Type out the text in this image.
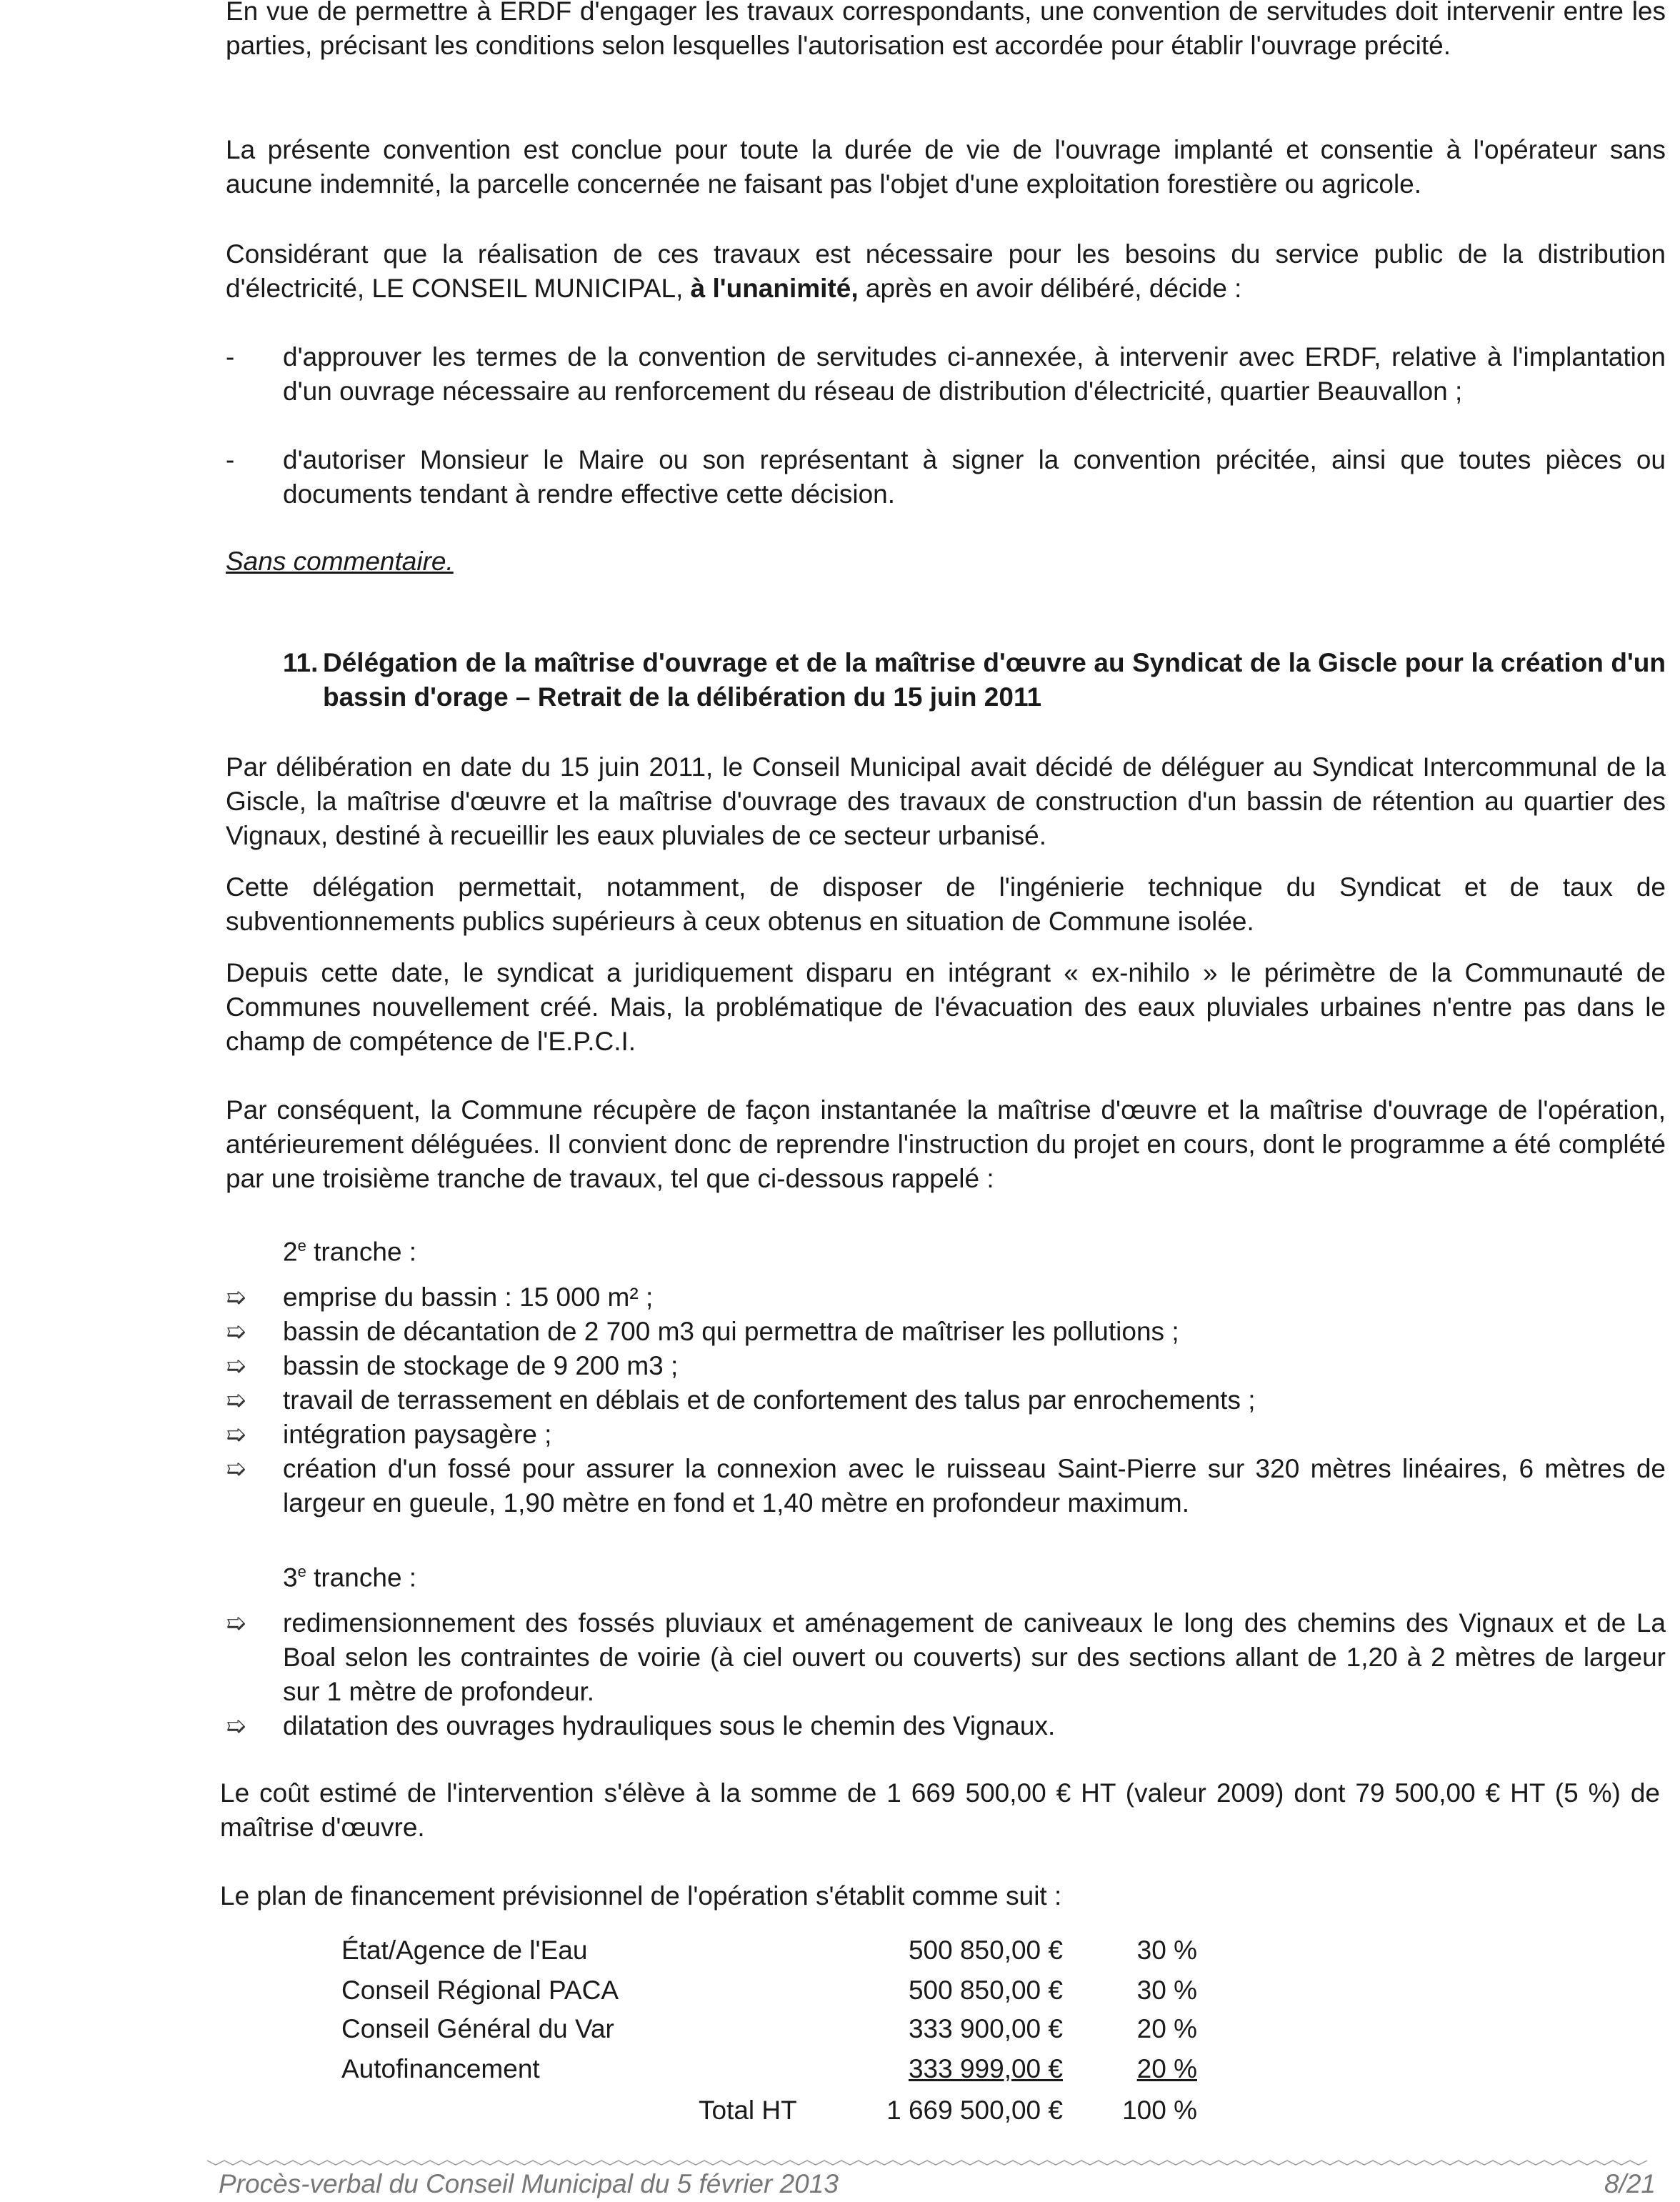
En vue de permettre à ERDF d'engager les travaux correspondants, une convention de servitudes doit intervenir entre les parties, précisant les conditions selon lesquelles l'autorisation est accordée pour établir l'ouvrage précité.

La présente convention est conclue pour toute la durée de vie de l'ouvrage implanté et consentie à l'opérateur sans aucune indemnité, la parcelle concernée ne faisant pas l'objet d'une exploitation forestière ou agricole.

Considérant que la réalisation de ces travaux est nécessaire pour les besoins du service public de la distribution d'électricité, LE CONSEIL MUNICIPAL, à l'unanimité, après en avoir délibéré, décide :

-	d'approuver les termes de la convention de servitudes ci-annexée, à intervenir avec ERDF, relative à l'implantation d'un ouvrage nécessaire au renforcement du réseau de distribution d'électricité, quartier Beauvallon ;
-	d'autoriser Monsieur le Maire ou son représentant à signer la convention précitée, ainsi que toutes pièces ou documents tendant à rendre effective cette décision.

Sans commentaire.

11. Délégation de la maîtrise d'ouvrage et de la maîtrise d'œuvre au Syndicat de la Giscle pour la création d'un bassin d'orage – Retrait de la délibération du 15 juin 2011

Par délibération en date du 15 juin 2011, le Conseil Municipal avait décidé de déléguer au Syndicat Intercommunal de la Giscle, la maîtrise d'œuvre et la maîtrise d'ouvrage des travaux de construction d'un bassin de rétention au quartier des Vignaux, destiné à recueillir les eaux pluviales de ce secteur urbanisé.

Cette délégation permettait, notamment, de disposer de l'ingénierie technique du Syndicat et de taux de subventionnements publics supérieurs à ceux obtenus en situation de Commune isolée.

Depuis cette date, le syndicat a juridiquement disparu en intégrant « ex-nihilo » le périmètre de la Communauté de Communes nouvellement créé. Mais, la problématique de l'évacuation des eaux pluviales urbaines n'entre pas dans le champ de compétence de l'E.P.C.I.

Par conséquent, la Commune récupère de façon instantanée la maîtrise d'œuvre et la maîtrise d'ouvrage de l'opération, antérieurement déléguées. Il convient donc de reprendre l'instruction du projet en cours, dont le programme a été complété par une troisième tranche de travaux, tel que ci-dessous rappelé :

2e tranche :
➯	emprise du bassin : 15 000 m² ;
➯	bassin de décantation de 2 700 m3 qui permettra de maîtriser les pollutions ;
➯	bassin de stockage de 9 200 m3 ;
➯	travail de terrassement en déblais et de confortement des talus par enrochements ;
➯	intégration paysagère ;
➯	création d'un fossé pour assurer la connexion avec le ruisseau Saint-Pierre sur 320 mètres linéaires, 6 mètres de largeur en gueule, 1,90 mètre en fond et 1,40 mètre en profondeur maximum.
3e tranche :
➯	redimensionnement des fossés pluviaux et aménagement de caniveaux le long des chemins des Vignaux et de La Boal selon les contraintes de voirie (à ciel ouvert ou couverts) sur des sections allant de 1,20 à 2 mètres de largeur sur 1 mètre de profondeur.
➯	dilatation des ouvrages hydrauliques sous le chemin des Vignaux.

Le coût estimé de l'intervention s'élève à la somme de 1 669 500,00 € HT (valeur 2009) dont 79 500,00 € HT (5 %) de maîtrise d'œuvre.

Le plan de financement prévisionnel de l'opération s'établit comme suit :

État/Agence de l'Eau	500 850,00 €	30 %
Conseil Régional PACA	500 850,00 €	30 %
Conseil Général du Var	333 900,00 €	20 %
Autofinancement	333 999,00 €	20 %
Total HT	1 669 500,00 €	100 %
Procès-verbal du Conseil Municipal du 5 février 2013	8/21
